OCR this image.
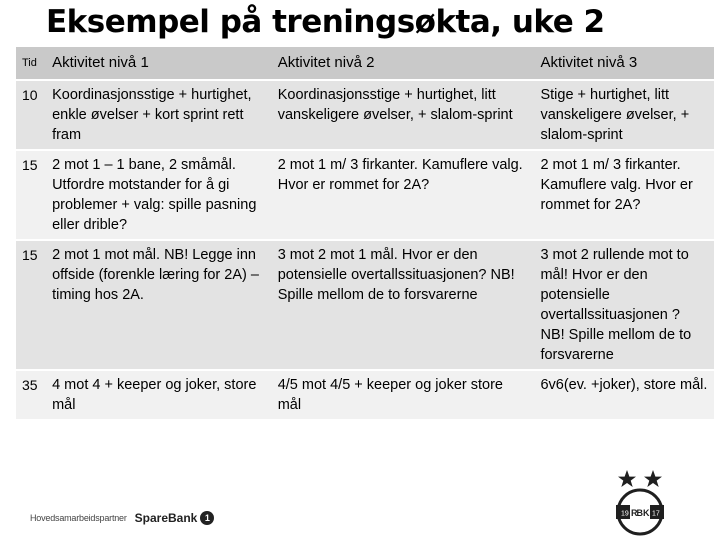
Eksempel på treningsøkta, uke 2
Tid	Aktivitet nivå 1	Aktivitet nivå 2	Aktivitet nivå 3
10	Koordinasjonsstige + hurtighet, enkle øvelser + kort sprint rett fram	Koordinasjonsstige + hurtighet, litt vanskeligere øvelser, + slalom-sprint	Stige + hurtighet, litt vanskeligere øvelser, + slalom-sprint
15	2 mot 1 – 1 bane, 2 småmål. Utfordre motstander for å gi problemer + valg: spille pasning eller drible?	2 mot 1 m/ 3 firkanter. Kamuflere valg. Hvor er rommet for 2A?	2 mot 1 m/ 3 firkanter. Kamuflere valg. Hvor er rommet for 2A?
15	2 mot 1 mot mål. NB! Legge inn offside (forenkle læring for 2A) – timing hos 2A.	3 mot 2 mot 1 mål. Hvor er den potensielle overtallssituasjonen? NB! Spille mellom de to forsvarerne	3 mot 2 rullende mot to mål! Hvor er den potensielle overtallssituasjonen ? NB! Spille mellom de to forsvarerne
35	4 mot 4 + keeper og joker, store mål	4/5 mot 4/5 + keeper og joker store mål	6v6(ev. +joker), store mål.
Hovedsamarbeidspartner SpareBank 1	19 R B K 17
